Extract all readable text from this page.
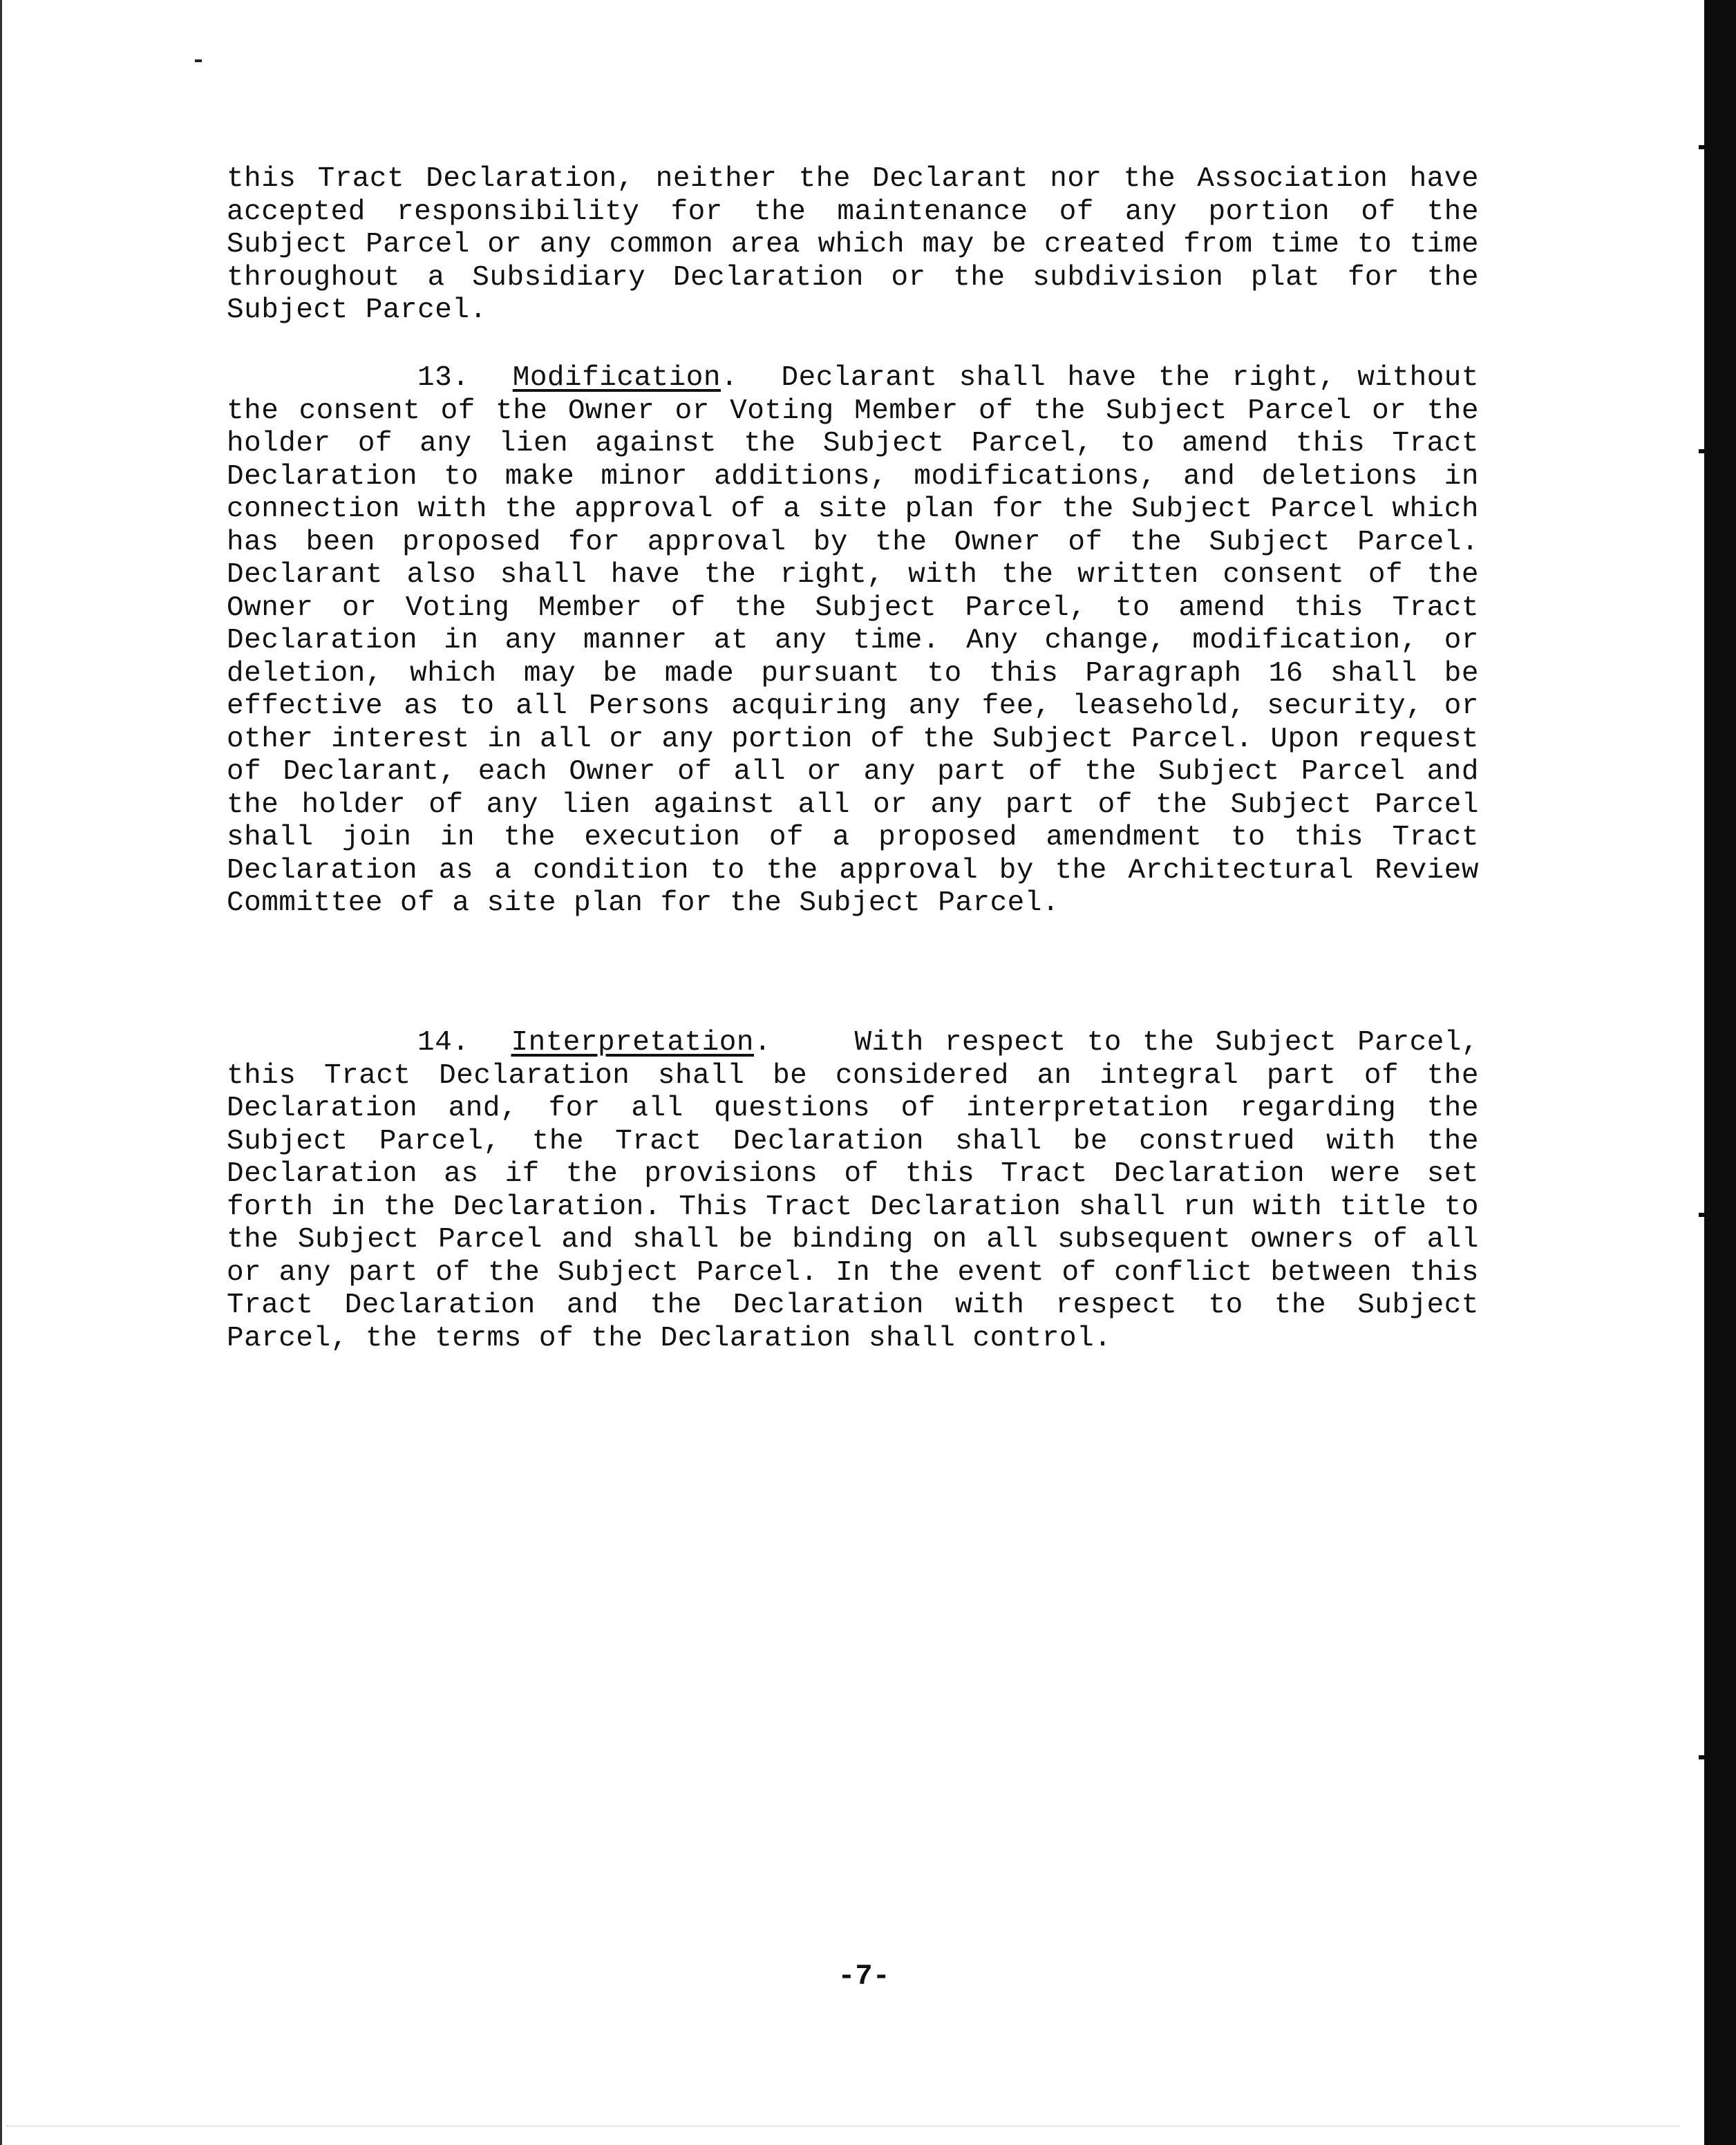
this Tract Declaration, neither the Declarant nor the Association have accepted responsibility for the maintenance of any portion of the Subject Parcel or any common area which may be created from time to time throughout a Subsidiary Declaration or the subdivision plat for the Subject Parcel.

13. Modification. Declarant shall have the right, without the consent of the Owner or Voting Member of the Subject Parcel or the holder of any lien against the Subject Parcel, to amend this Tract Declaration to make minor additions, modifications, and deletions in connection with the approval of a site plan for the Subject Parcel which has been proposed for approval by the Owner of the Subject Parcel. Declarant also shall have the right, with the written consent of the Owner or Voting Member of the Subject Parcel, to amend this Tract Declaration in any manner at any time. Any change, modification, or deletion, which may be made pursuant to this Paragraph 16 shall be effective as to all Persons acquiring any fee, leasehold, security, or other interest in all or any portion of the Subject Parcel. Upon request of Declarant, each Owner of all or any part of the Subject Parcel and the holder of any lien against all or any part of the Subject Parcel shall join in the execution of a proposed amendment to this Tract Declaration as a condition to the approval by the Architectural Review Committee of a site plan for the Subject Parcel.

14. Interpretation.	With respect to the Subject Parcel, this Tract Declaration shall be considered an integral part of the Declaration and, for all questions of interpretation regarding the Subject Parcel, the Tract Declaration shall be construed with the Declaration as if the provisions of this Tract Declaration were set forth in the Declaration. This Tract Declaration shall run with title to the Subject Parcel and shall be binding on all subsequent owners of all or any part of the Subject Parcel. In the event of conflict between this Tract Declaration and the Declaration with respect to the Subject Parcel, the terms of the Declaration shall control.

-7-
